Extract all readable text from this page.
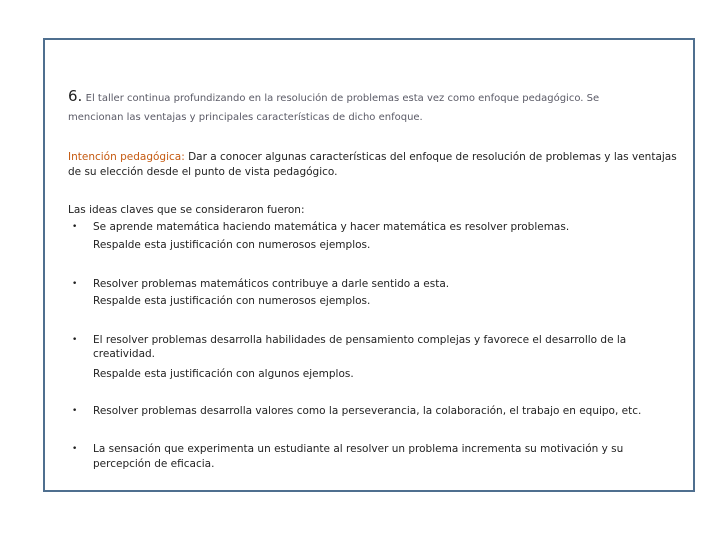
6. El taller continua profundizando en la resolución de problemas esta vez como enfoque pedagógico. Se

mencionan las ventajas y principales características de dicho enfoque.

Intención pedagógica: Dar a conocer algunas características del enfoque de resolución de problemas y las ventajas

de su elección desde el punto de vista pedagógico.

Las ideas claves que se consideraron fueron:

• Se aprende matemática haciendo matemática y hacer matemática es resolver problemas.

Respalde esta justificación con numerosos ejemplos.

• Resolver problemas matemáticos contribuye a darle sentido a esta.

Respalde esta justificación con numerosos ejemplos.

• El resolver problemas desarrolla habilidades de pensamiento complejas y favorece el desarrollo de la

creatividad.

Respalde esta justificación con algunos ejemplos.

• Resolver problemas desarrolla valores como la perseverancia, la colaboración, el trabajo en equipo, etc.

• La sensación que experimenta un estudiante al resolver un problema incrementa su motivación y su

percepción de eficacia.
